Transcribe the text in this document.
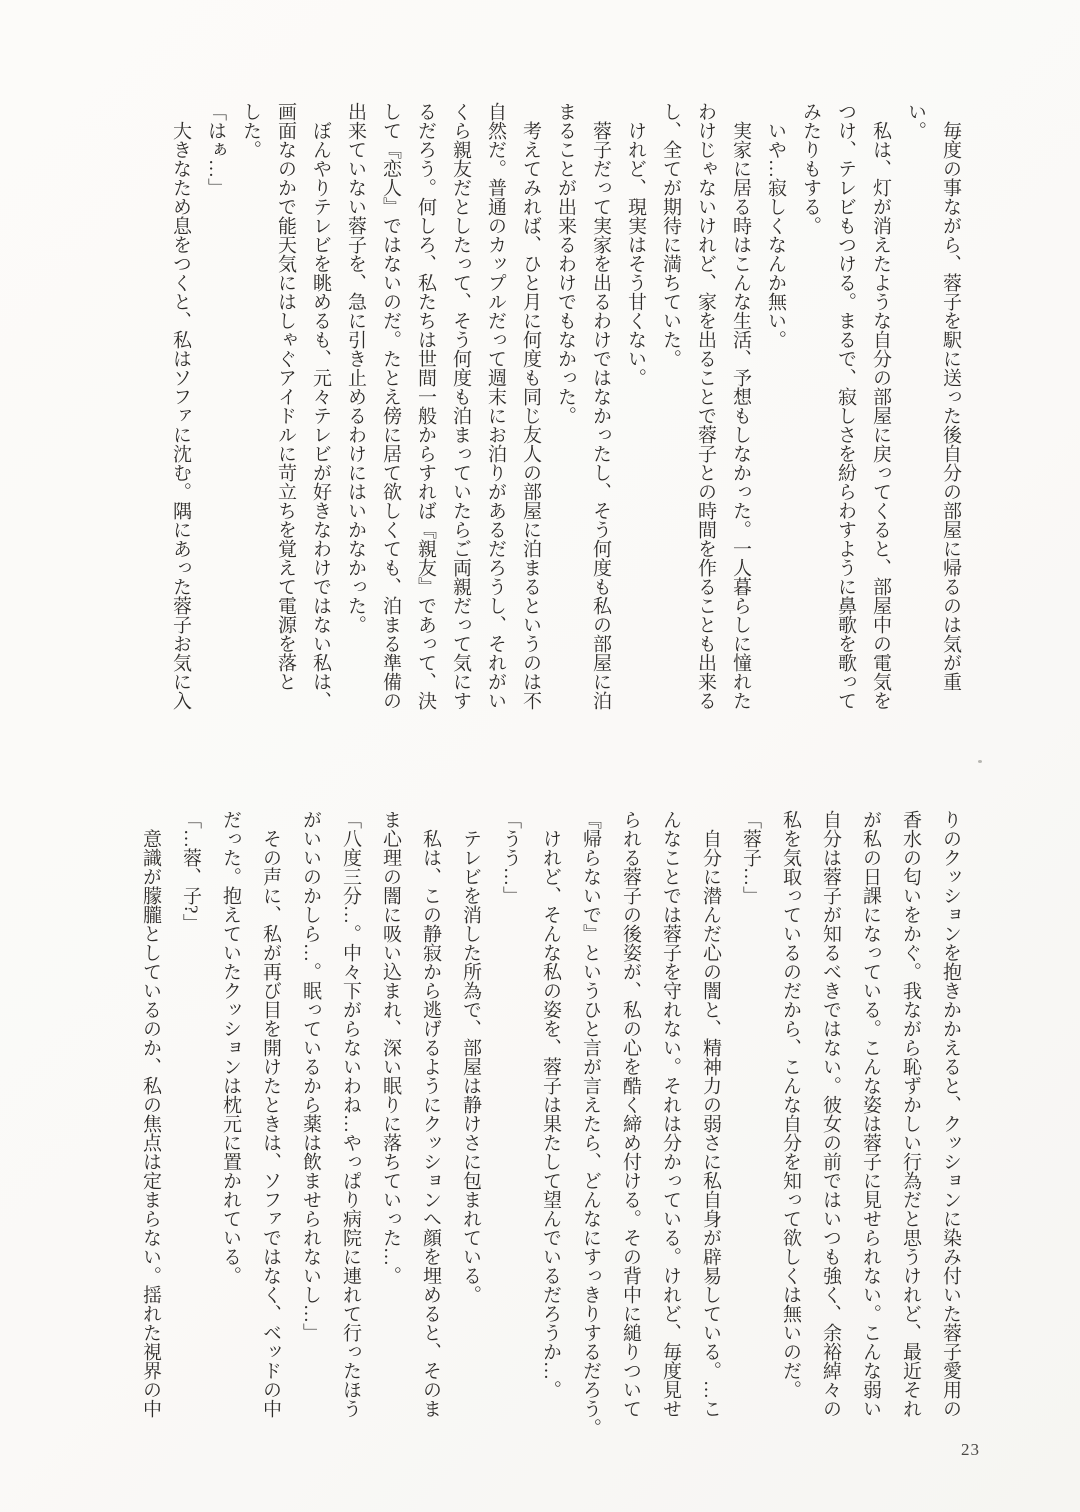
毎度の事ながら、蓉子を駅に送った後自分の部屋に帰るのは気が重
い。
私は、灯が消えたような自分の部屋に戻ってくると、部屋中の電気を
つけ、テレビもつける。まるで、寂しさを紛らわすように鼻歌を歌って
みたりもする。
いや…寂しくなんか無い。
実家に居る時はこんな生活、予想もしなかった。一人暮らしに憧れた
わけじゃないけれど、家を出ることで蓉子との時間を作ることも出来る
し、全てが期待に満ちていた。
けれど、現実はそう甘くない。
蓉子だって実家を出るわけではなかったし、そう何度も私の部屋に泊
まることが出来るわけでもなかった。
考えてみれば、ひと月に何度も同じ友人の部屋に泊まるというのは不
自然だ。普通のカップルだって週末にお泊りがあるだろうし、それがい
くら親友だとしたって、そう何度も泊まっていたらご両親だって気にす
るだろう。何しろ、私たちは世間一般からすれば『親友』であって、決
して『恋人』ではないのだ。たとえ傍に居て欲しくても、泊まる準備の
出来ていない蓉子を、急に引き止めるわけにはいかなかった。
ぼんやりテレビを眺めるも、元々テレビが好きなわけではない私は、
画面なのかで能天気にはしゃぐアイドルに苛立ちを覚えて電源を落と
した。
「はぁ…」
大きなため息をつくと、私はソファに沈む。隅にあった蓉子お気に入
りのクッションを抱きかかえると、クッションに染み付いた蓉子愛用の
香水の匂いをかぐ。我ながら恥ずかしい行為だと思うけれど、最近それ
が私の日課になっている。こんな姿は蓉子に見せられない。こんな弱い
自分は蓉子が知るべきではない。彼女の前ではいつも強く、余裕綽々の
私を気取っているのだから、こんな自分を知って欲しくは無いのだ。
「蓉子…」
自分に潜んだ心の闇と、精神力の弱さに私自身が辟易している。…こ
んなことでは蓉子を守れない。それは分かっている。けれど、毎度見せ
られる蓉子の後姿が、私の心を酷く締め付ける。その背中に縋りついて
『帰らないで』というひと言が言えたら、どんなにすっきりするだろう。
けれど、そんな私の姿を、蓉子は果たして望んでいるだろうか…。
「うう…」
テレビを消した所為で、部屋は静けさに包まれている。
私は、この静寂から逃げるようにクッションへ顔を埋めると、そのま
ま心理の闇に吸い込まれ、深い眠りに落ちていった…。
「八度三分…。中々下がらないわね…やっぱり病院に連れて行ったほう
がいいのかしら…。眠っているから薬は飲ませられないし…」
その声に、私が再び目を開けたときは、ソファではなく、ベッドの中
だった。抱えていたクッションは枕元に置かれている。
「…蓉、子?」
意識が朦朧としているのか、私の焦点は定まらない。揺れた視界の中
23
